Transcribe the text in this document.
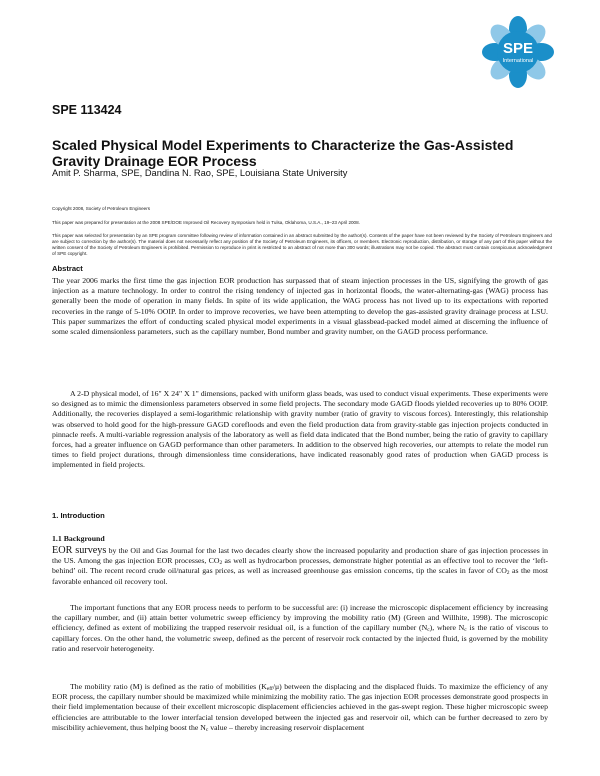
SPE
International
SPE 113424
Scaled Physical Model Experiments to Characterize the Gas-Assisted Gravity Drainage EOR Process
Amit P. Sharma, SPE, Dandina N. Rao, SPE, Louisiana State University
Copyright 2008, Society of Petroleum Engineers
This paper was prepared for presentation at the 2008 SPE/DOE Improved Oil Recovery Symposium held in Tulsa, Oklahoma, U.S.A., 19–23 April 2008.
This paper was selected for presentation by an SPE program committee following review of information contained in an abstract submitted by the author(s). Contents of the paper have not been reviewed by the Society of Petroleum Engineers and are subject to correction by the author(s). The material does not necessarily reflect any position of the Society of Petroleum Engineers, its officers, or members. Electronic reproduction, distribution, or storage of any part of this paper without the written consent of the Society of Petroleum Engineers is prohibited. Permission to reproduce in print is restricted to an abstract of not more than 300 words; illustrations may not be copied. The abstract must contain conspicuous acknowledgment of SPE copyright.
Abstract
The year 2006 marks the first time the gas injection EOR production has surpassed that of steam injection processes in the US, signifying the growth of gas injection as a mature technology. In order to control the rising tendency of injected gas in horizontal floods, the water-alternating-gas (WAG) process has generally been the mode of operation in many fields. In spite of its wide application, the WAG process has not lived up to its expectations with reported recoveries in the range of 5-10% OOIP. In order to improve recoveries, we have been attempting to develop the gas-assisted gravity drainage process at LSU. This paper summarizes the effort of conducting scaled physical model experiments in a visual glassbead-packed model aimed at discerning the influence of some scaled dimensionless parameters, such as the capillary number, Bond number and gravity number, on the GAGD process performance.
A 2-D physical model, of 16" X 24" X 1" dimensions, packed with uniform glass beads, was used to conduct visual experiments. These experiments were so designed as to mimic the dimensionless parameters observed in some field projects. The secondary mode GAGD floods yielded recoveries up to 80% OOIP. Additionally, the recoveries displayed a semi-logarithmic relationship with gravity number (ratio of gravity to viscous forces). Interestingly, this relationship was observed to hold good for the high-pressure GAGD corefloods and even the field production data from gravity-stable gas injection projects conducted in pinnacle reefs. A multi-variable regression analysis of the laboratory as well as field data indicated that the Bond number, being the ratio of gravity to capillary forces, had a greater influence on GAGD performance than other parameters. In addition to the observed high recoveries, our attempts to relate the model run times to field project durations, through dimensionless time considerations, have indicated reasonably good rates of production when GAGD process is implemented in field projects.
1. Introduction
1.1 Background
EOR surveys by the Oil and Gas Journal for the last two decades clearly show the increased popularity and production share of gas injection processes in the US. Among the gas injection EOR processes, $CO_2$ as well as hydrocarbon processes, demonstrate higher potential as an effective tool to recover the ‘left-behind’ oil. The recent record crude oil/natural gas prices, as well as increased greenhouse gas emission concerns, tip the scales in favor of $CO_2$ as the most favorable enhanced oil recovery tool.
The important functions that any EOR process needs to perform to be successful are: (i) increase the microscopic displacement efficiency by increasing the capillary number, and (ii) attain better volumetric sweep efficiency by improving the mobility ratio (M) (Green and Willhite, 1998). The microscopic efficiency, defined as extent of mobilizing the trapped reservoir residual oil, is a function of the capillary number $(N_c)$, where $N_c$ is the ratio of viscous to capillary forces. On the other hand, the volumetric sweep, defined as the percent of reservoir rock contacted by the injected fluid, is governed by the mobility ratio and reservoir heterogeneity.
The mobility ratio (M) is defined as the ratio of mobilities $(K_{eff}/\mu)$ between the displacing and the displaced fluids. To maximize the efficiency of any EOR process, the capillary number should be maximized while minimizing the mobility ratio. The gas injection EOR processes demonstrate good prospects in their field implementation because of their excellent microscopic displacement efficiencies achieved in the gas-swept region. These higher microscopic sweep efficiencies are attributable to the lower interfacial tension developed between the injected gas and reservoir oil, which can be further decreased to zero by miscibility achievement, thus helping boost the $N_c$ value – thereby increasing reservoir displacement
